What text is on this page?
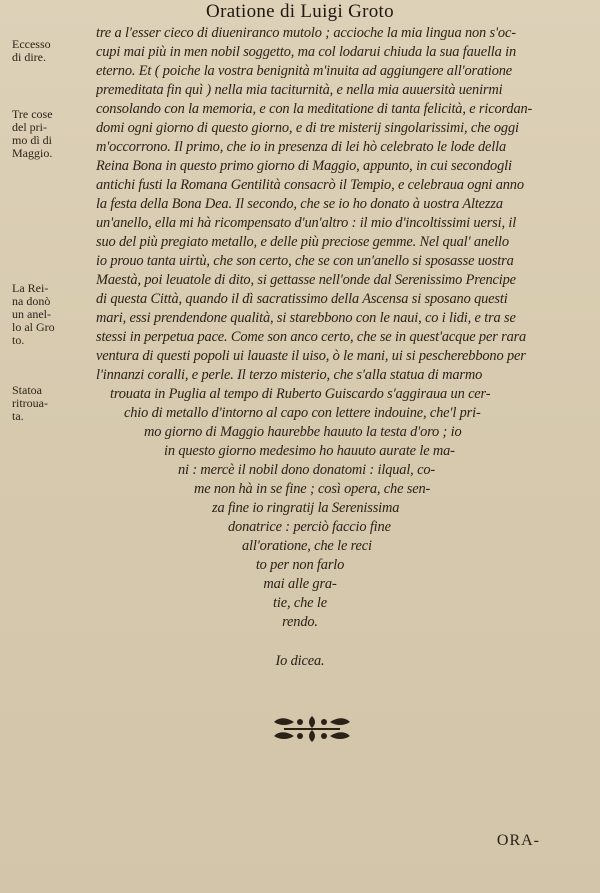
Oratione di Luigi Groto
tre a l'esser cieco di diueniranco mutolo ; accioche la mia lingua non s'oc-
cupi mai più in men nobil soggetto, ma col lodarui chiuda la sua fauella in
eterno. Et ( poiche la vostra benignità m'inuita ad aggiungere all'oratione
premeditata fin quì ) nella mia taciturnità, e nella mia auuersità uenirmi
consolando con la memoria, e con la meditatione di tanta felicità, e ricordan-
domi ogni giorno di questo giorno, e di tre misterij singolarissimi, che oggi
m'occorrono. Il primo, che io in presenza di lei hò celebrato le lode della
Reina Bona in questo primo giorno di Maggio, appunto, in cui secondogli
antichi fusti la Romana Gentilità consacrò il Tempio, e celebraua ogni anno
la festa della Bona Dea. Il secondo, che se io ho donato à uostra Altezza
un'anello, ella mi hà ricompensato d'un'altro : il mio d'incoltissimi uersi, il
suo del più pregiato metallo, e delle più preciose gemme. Nel qual' anello
io prouo tanta uirtù, che son certo, che se con un'anello si sposasse uostra
Maestà, poi leuatole di dito, si gettasse nell'onde dal Serenissimo Prencipe
di questa Città, quando il dì sacratissimo della Ascensa si sposano questi
mari, essi prendendone qualità, si starebbono con le naui, co i lidi, e tra se
stessi in perpetua pace. Come son anco certo, che se in quest'acque per rara
ventura di questi popoli ui lauaste il uiso, ò le mani, ui si pescherebbono per
l'innanzi coralli, e perle. Il terzo misterio, che s'alla statua di marmo
trouata in Puglia al tempo di Ruberto Guiscardo s'aggiraua un cer-
chio di metallo d'intorno al capo con lettere indouine, che'l pri-
mo giorno di Maggio haurebbe hauuto la testa d'oro ; io
in questo giorno medesimo ho hauuto aurate le ma-
ni : mercè il nobil dono donatomi : ilqual, co-
me non hà in se fine ; così opera, che sen-
za fine io ringratij la Serenissima
donatrice : perciò faccio fine
all'oratione, che le reci
to per non farlo
mai alle gra-
tie, che le
rendo.
Io dicea.
Eccesso
di dire.
Tre cose
del pri-
mo dì di
Maggio.
La Rei-
na donò
un anel-
lo al Gro
to.
Statoa
ritroua-
ta.
ORA-
